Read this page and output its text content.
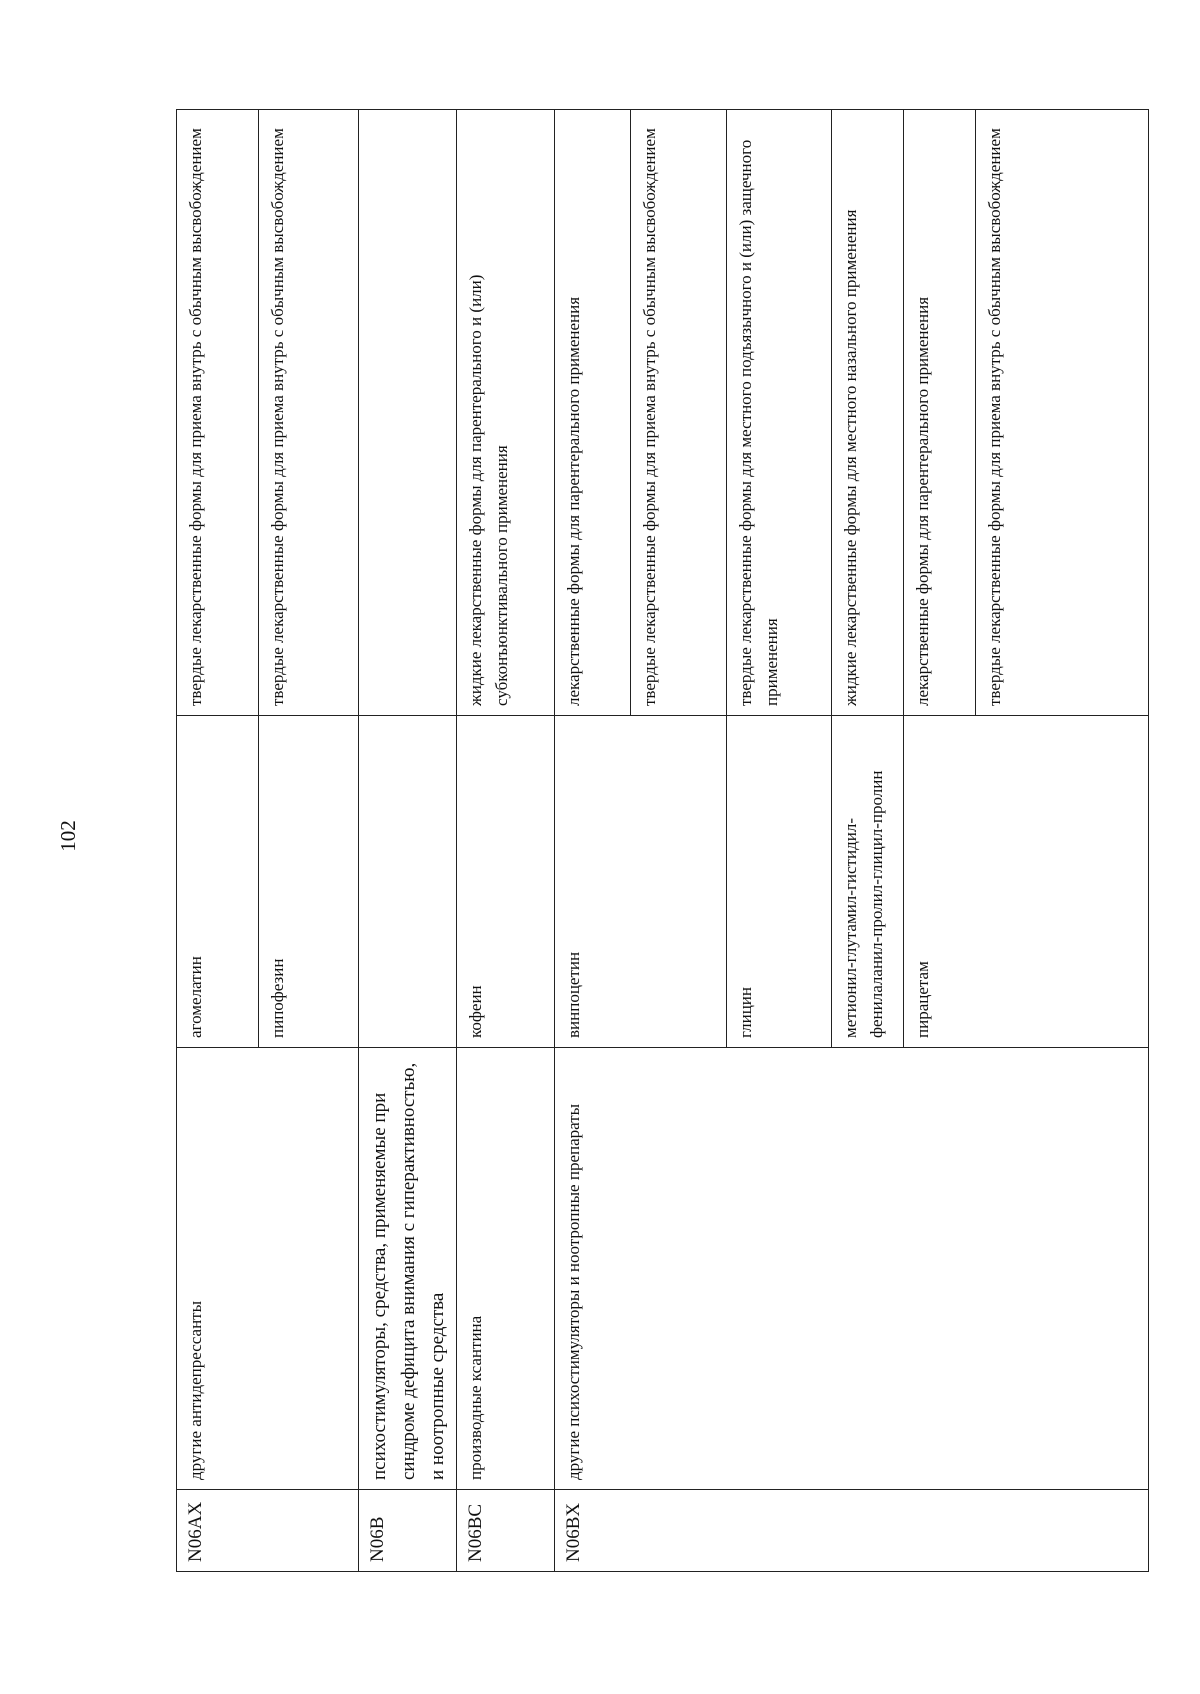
102
N06AX	другие антидепрессанты	агомелатин	твердые лекарственные формы для приема внутрь с обычным высвобождением
		пипофезин	твердые лекарственные формы для приема внутрь с обычным высвобождением
N06B	психостимуляторы, средства, применяемые при синдроме дефицита внимания с гиперактивностью, и ноотропные средства		
N06BC	производные ксантина	кофеин	жидкие лекарственные формы для парентерального и (или) субконъюнктивального применения
N06BX	другие психостимуляторы и ноотропные препараты	винпоцетин	лекарственные формы для парентерального применения
			твердые лекарственные формы для приема внутрь с обычным высвобождением
		глицин	твердые лекарственные формы для местного подъязычного и (или) защечного применения
		метионил-глутамил-гистидил-фенилаланил-пролил-глицил-пролин	жидкие лекарственные формы для местного назального применения
		пирацетам	лекарственные формы для парентерального применения
			твердые лекарственные формы для приема внутрь с обычным высвобождением
